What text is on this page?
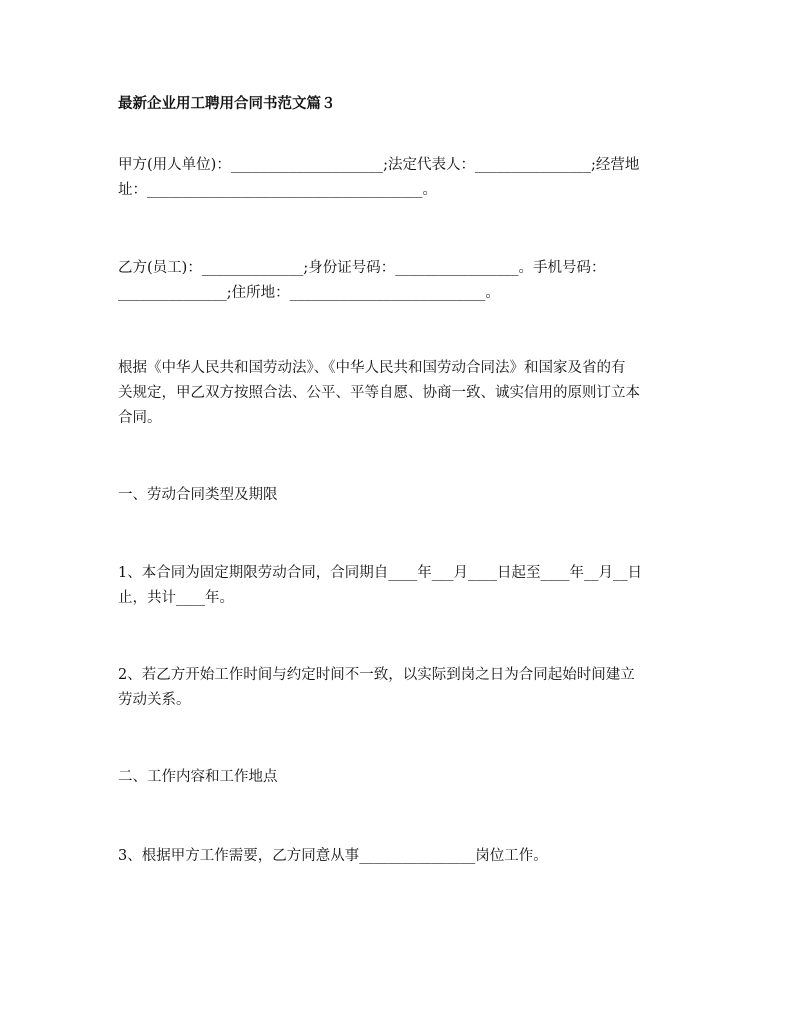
最新企业用工聘用合同书范文篇３

甲方(用人单位)：_____________________;法定代表人：________________;经营地

址：______________________________________。

乙方(员工)：______________;身份证号码：_________________。手机号码：

_______________;住所地：___________________________。

根据《中华人民共和国劳动法》、《中华人民共和国劳动合同法》和国家及省的有

关规定，甲乙双方按照合法、公平、平等自愿、协商一致、诚实信用的原则订立本

合同。

一、劳动合同类型及期限

1、本合同为固定期限劳动合同，合同期自____年___月____日起至____年__月__日

止，共计____年。

2、若乙方开始工作时间与约定时间不一致，以实际到岗之日为合同起始时间建立

劳动关系。

二、工作内容和工作地点

3、根据甲方工作需要，乙方同意从事________________岗位工作。
